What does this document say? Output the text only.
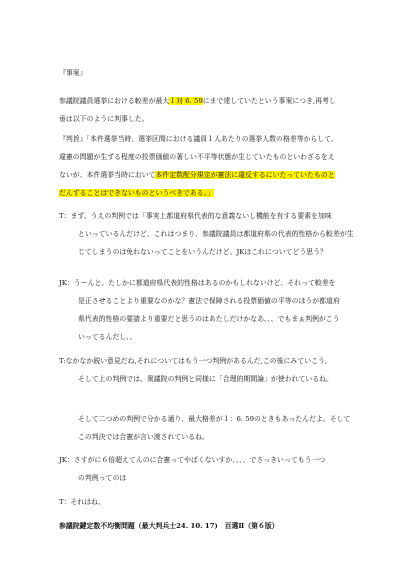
『事案』
参議院議員選挙における較差が最大１対 6. 59にまで達していたという事案につき,再考し
垂は以下のように判事した。
『判旨』「本件選挙当時、選挙区間における議員１人あたりの選挙人数の格差等からして、
違憲の問題が生ずる程度の投票価値の著しい不平等状態が生じていたものといわざるをえ
ないが、本件選挙当時において本件定数配分規定が憲法に違反するにいたっていたものと
だんずることはできないものというべきである。」
T：まず、うえの判例では「事実上都道府県代表的な意義ないし機能を有する要素を加味
といっているんだけど、これはつまり、参議院議員は都道府県の代表的性格から較差が生
じてしまうのは免れないってことをいうんだけど、JKはこれについてどう思う？
JK：うーんと、たしかに都道府県代表的性格はあるのかもしれないけど、それって較差を
是正させることより重要なのかな？憲法で保障される投票価値の平等のほうが都道府
県代表的性格の要請より重要だと思うのはあたしだけかなあ、、、でもまぁ判例がこう
いってるんだし、、
T:なかなか鋭い意見だね,それについてはもう一つ判例があるんだ,この後にみていこう,
そして上の判例では、衆議院の判例と同様に「合理的期間論」が使われているね。
そして二つめの判例で分かる通り、最大格差が１：6. 59のときもあったんだよ。そして
この判決では合憲が言い渡されているね。
JK：さすがに６倍超えてんのに合憲ってやばくないすか、、、、でさっきいってもう一つ
の判例ってのは
T：それはね、
参議院鍵定数不均衡問題（最大判兵士24. 10. 17)　百選Ⅱ（第６版）
